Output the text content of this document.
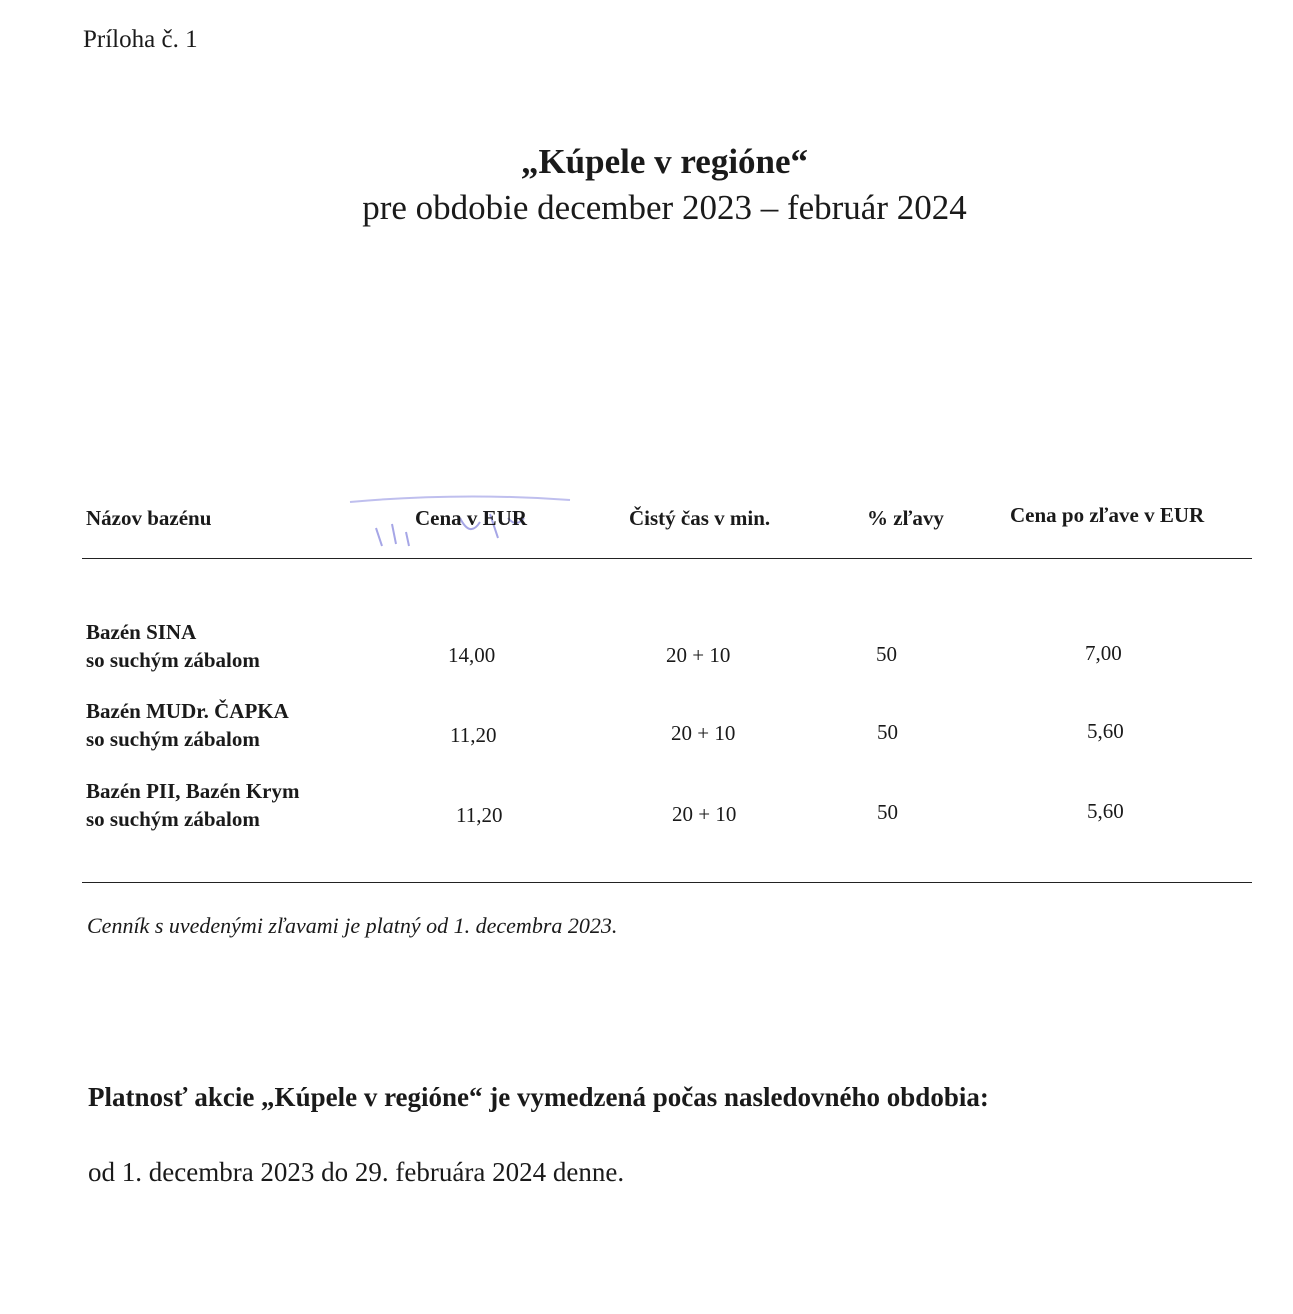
Príloha č. 1
„Kúpele v regióne“
pre obdobie december 2023 – február 2024
Názov bazénu	Cena v EUR	Čistý čas v min.	% zľavy	Cena po zľave v EUR
Bazén SINA
so suchým zábalom	14,00	20 + 10	50	7,00
Bazén MUDr. ČAPKA
so suchým zábalom	11,20	20 + 10	50	5,60
Bazén PII, Bazén Krym
so suchým zábalom	11,20	20 + 10	50	5,60
Cenník s uvedenými zľavami je platný od 1. decembra 2023.
Platnosť akcie „Kúpele v regióne“ je vymedzená počas nasledovného obdobia:
od 1. decembra 2023 do 29. februára 2024 denne.
